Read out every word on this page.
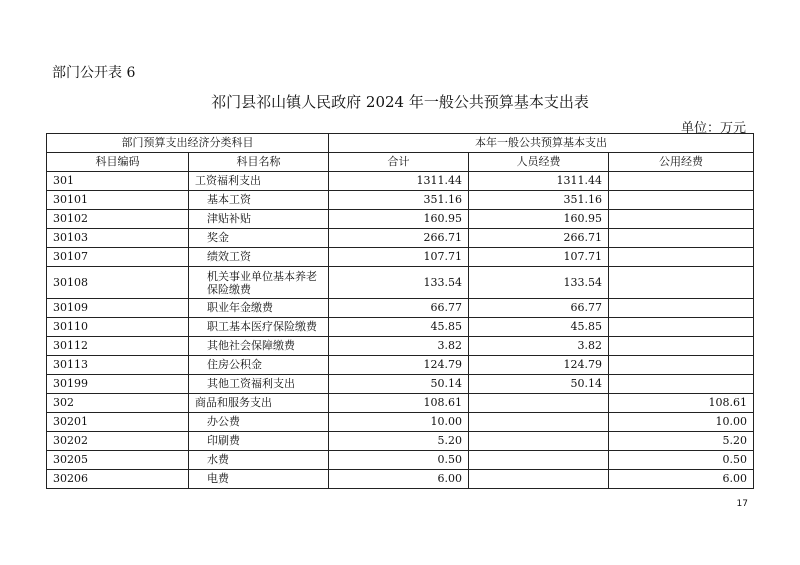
部门公开表 6
祁门县祁山镇人民政府 2024 年一般公共预算基本支出表
单位：万元
部门预算支出经济分类科目		本年一般公共预算基本支出		
科目编码	科目名称	合计	人员经费	公用经费
301	工资福利支出	1311.44	1311.44	
30101	基本工资	351.16	351.16	
30102	津贴补贴	160.95	160.95	
30103	奖金	266.71	266.71	
30107	绩效工资	107.71	107.71	
30108	机关事业单位基本养老保险缴费	133.54	133.54	
30109	职业年金缴费	66.77	66.77	
30110	职工基本医疗保险缴费	45.85	45.85	
30112	其他社会保障缴费	3.82	3.82	
30113	住房公积金	124.79	124.79	
30199	其他工资福利支出	50.14	50.14	
302	商品和服务支出	108.61		108.61
30201	办公费	10.00		10.00
30202	印刷费	5.20		5.20
30205	水费	0.50		0.50
30206	电费	6.00		6.00
17
